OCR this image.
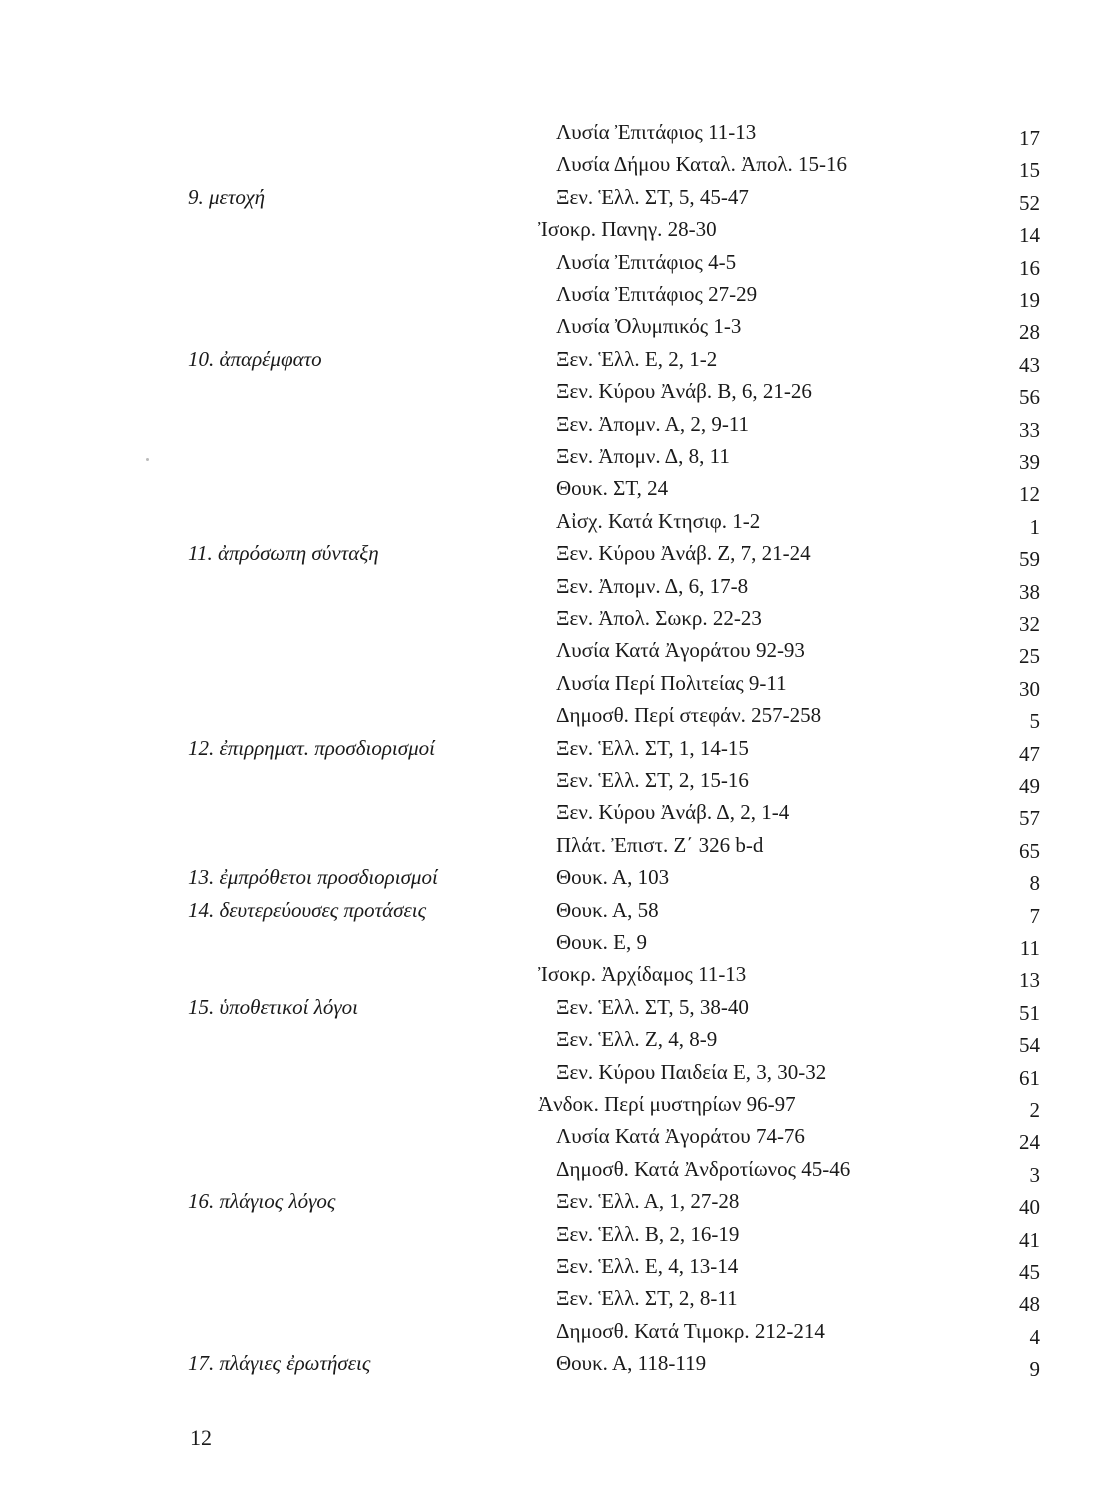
Λυσία Ἐπιτάφιος 11-13	17
Λυσία Δήμου Καταλ. Ἀπολ. 15-16	15
9. μετοχή	Ξεν. Ἑλλ. ΣΤ, 5, 45-47	52
Ἰσοκρ. Πανηγ. 28-30	14
Λυσία Ἐπιτάφιος 4-5	16
Λυσία Ἐπιτάφιος 27-29	19
Λυσία Ὀλυμπικός 1-3	28
10. ἀπαρέμφατο	Ξεν. Ἑλλ. Ε, 2, 1-2	43
Ξεν. Κύρου Ἀνάβ. Β, 6, 21-26	56
Ξεν. Ἀπομν. Α, 2, 9-11	33
Ξεν. Ἀπομν. Δ, 8, 11	39
Θουκ. ΣΤ, 24	12
Αἰσχ. Κατά Κτησιφ. 1-2	1
11. ἀπρόσωπη σύνταξη	Ξεν. Κύρου Ἀνάβ. Ζ, 7, 21-24	59
Ξεν. Ἀπομν. Δ, 6, 17-8	38
Ξεν. Ἀπολ. Σωκρ. 22-23	32
Λυσία Κατά Ἀγοράτου 92-93	25
Λυσία Περί Πολιτείας 9-11	30
Δημοσθ. Περί στεφάν. 257-258	5
12. ἐπιρρηματ. προσδιορισμοί	Ξεν. Ἑλλ. ΣΤ, 1, 14-15	47
Ξεν. Ἑλλ. ΣΤ, 2, 15-16	49
Ξεν. Κύρου Ἀνάβ. Δ, 2, 1-4	57
Πλάτ. Ἐπιστ. Ζ΄ 326 b-d	65
13. ἐμπρόθετοι προσδιορισμοί	Θουκ. Α, 103	8
14. δευτερεύουσες προτάσεις	Θουκ. Α, 58	7
Θουκ. Ε, 9	11
Ἰσοκρ. Ἀρχίδαμος 11-13	13
15. ὑποθετικοί λόγοι	Ξεν. Ἑλλ. ΣΤ, 5, 38-40	51
Ξεν. Ἑλλ. Ζ, 4, 8-9	54
Ξεν. Κύρου Παιδεία Ε, 3, 30-32	61
Ἀνδοκ. Περί μυστηρίων 96-97	2
Λυσία Κατά Ἀγοράτου 74-76	24
Δημοσθ. Κατά Ἀνδροτίωνος 45-46	3
16. πλάγιος λόγος	Ξεν. Ἑλλ. Α, 1, 27-28	40
Ξεν. Ἑλλ. Β, 2, 16-19	41
Ξεν. Ἑλλ. Ε, 4, 13-14	45
Ξεν. Ἑλλ. ΣΤ, 2, 8-11	48
Δημοσθ. Κατά Τιμοκρ. 212-214	4
17. πλάγιες ἐρωτήσεις	Θουκ. Α, 118-119	9
12
